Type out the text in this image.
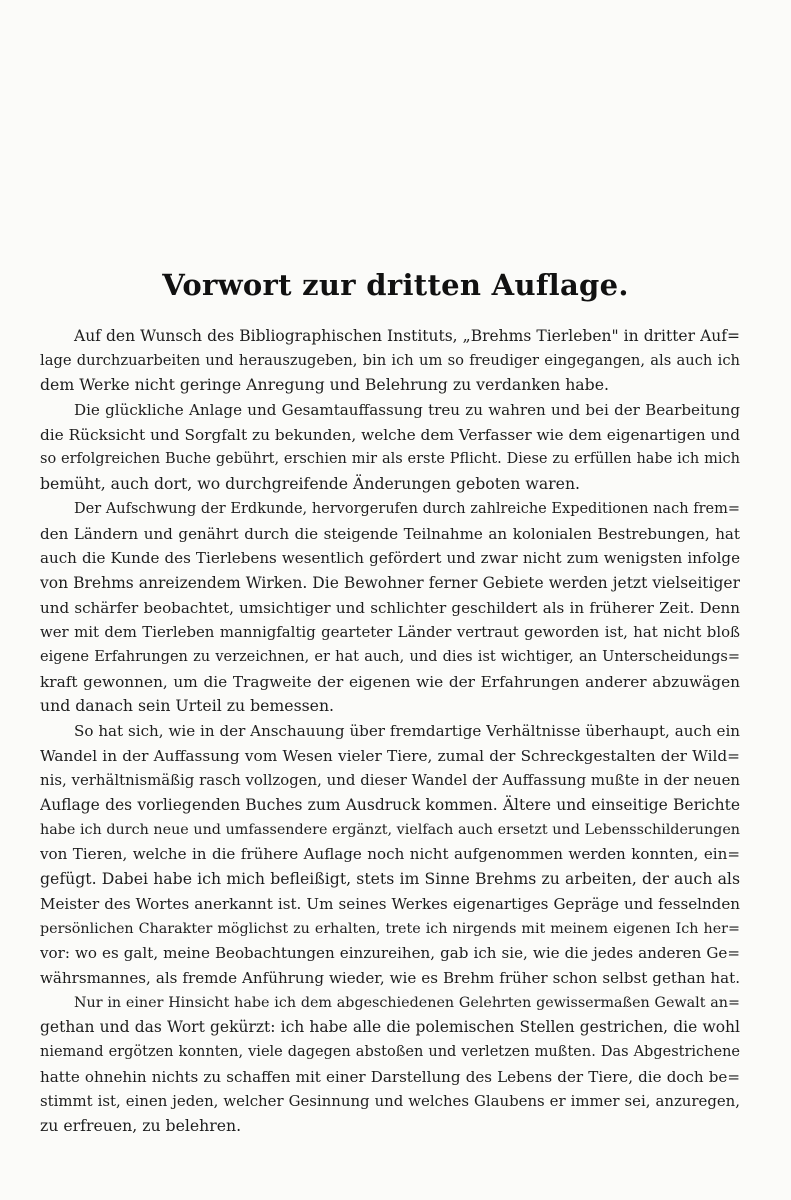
Vorwort zur dritten Auflage.
Auf den Wunsch des Bibliographischen Instituts, „Brehms Tierleben" in dritter Auf=
lage durchzuarbeiten und herauszugeben, bin ich um so freudiger eingegangen, als auch ich
dem Werke nicht geringe Anregung und Belehrung zu verdanken habe.
Die glückliche Anlage und Gesamtauffassung treu zu wahren und bei der Bearbeitung
die Rücksicht und Sorgfalt zu bekunden, welche dem Verfasser wie dem eigenartigen und
so erfolgreichen Buche gebührt, erschien mir als erste Pflicht. Diese zu erfüllen habe ich mich
bemüht, auch dort, wo durchgreifende Änderungen geboten waren.
Der Aufschwung der Erdkunde, hervorgerufen durch zahlreiche Expeditionen nach frem=
den Ländern und genährt durch die steigende Teilnahme an kolonialen Bestrebungen, hat
auch die Kunde des Tierlebens wesentlich gefördert und zwar nicht zum wenigsten infolge
von Brehms anreizendem Wirken. Die Bewohner ferner Gebiete werden jetzt vielseitiger
und schärfer beobachtet, umsichtiger und schlichter geschildert als in früherer Zeit. Denn
wer mit dem Tierleben mannigfaltig gearteter Länder vertraut geworden ist, hat nicht bloß
eigene Erfahrungen zu verzeichnen, er hat auch, und dies ist wichtiger, an Unterscheidungs=
kraft gewonnen, um die Tragweite der eigenen wie der Erfahrungen anderer abzuwägen
und danach sein Urteil zu bemessen.
So hat sich, wie in der Anschauung über fremdartige Verhältnisse überhaupt, auch ein
Wandel in der Auffassung vom Wesen vieler Tiere, zumal der Schreckgestalten der Wild=
nis, verhältnismäßig rasch vollzogen, und dieser Wandel der Auffassung mußte in der neuen
Auflage des vorliegenden Buches zum Ausdruck kommen. Ältere und einseitige Berichte
habe ich durch neue und umfassendere ergänzt, vielfach auch ersetzt und Lebensschilderungen
von Tieren, welche in die frühere Auflage noch nicht aufgenommen werden konnten, ein=
gefügt. Dabei habe ich mich befleißigt, stets im Sinne Brehms zu arbeiten, der auch als
Meister des Wortes anerkannt ist. Um seines Werkes eigenartiges Gepräge und fesselnden
persönlichen Charakter möglichst zu erhalten, trete ich nirgends mit meinem eigenen Ich her=
vor: wo es galt, meine Beobachtungen einzureihen, gab ich sie, wie die jedes anderen Ge=
währsmannes, als fremde Anführung wieder, wie es Brehm früher schon selbst gethan hat.
Nur in einer Hinsicht habe ich dem abgeschiedenen Gelehrten gewissermaßen Gewalt an=
gethan und das Wort gekürzt: ich habe alle die polemischen Stellen gestrichen, die wohl
niemand ergötzen konnten, viele dagegen abstoßen und verletzen mußten. Das Abgestrichene
hatte ohnehin nichts zu schaffen mit einer Darstellung des Lebens der Tiere, die doch be=
stimmt ist, einen jeden, welcher Gesinnung und welches Glaubens er immer sei, anzuregen,
zu erfreuen, zu belehren.
